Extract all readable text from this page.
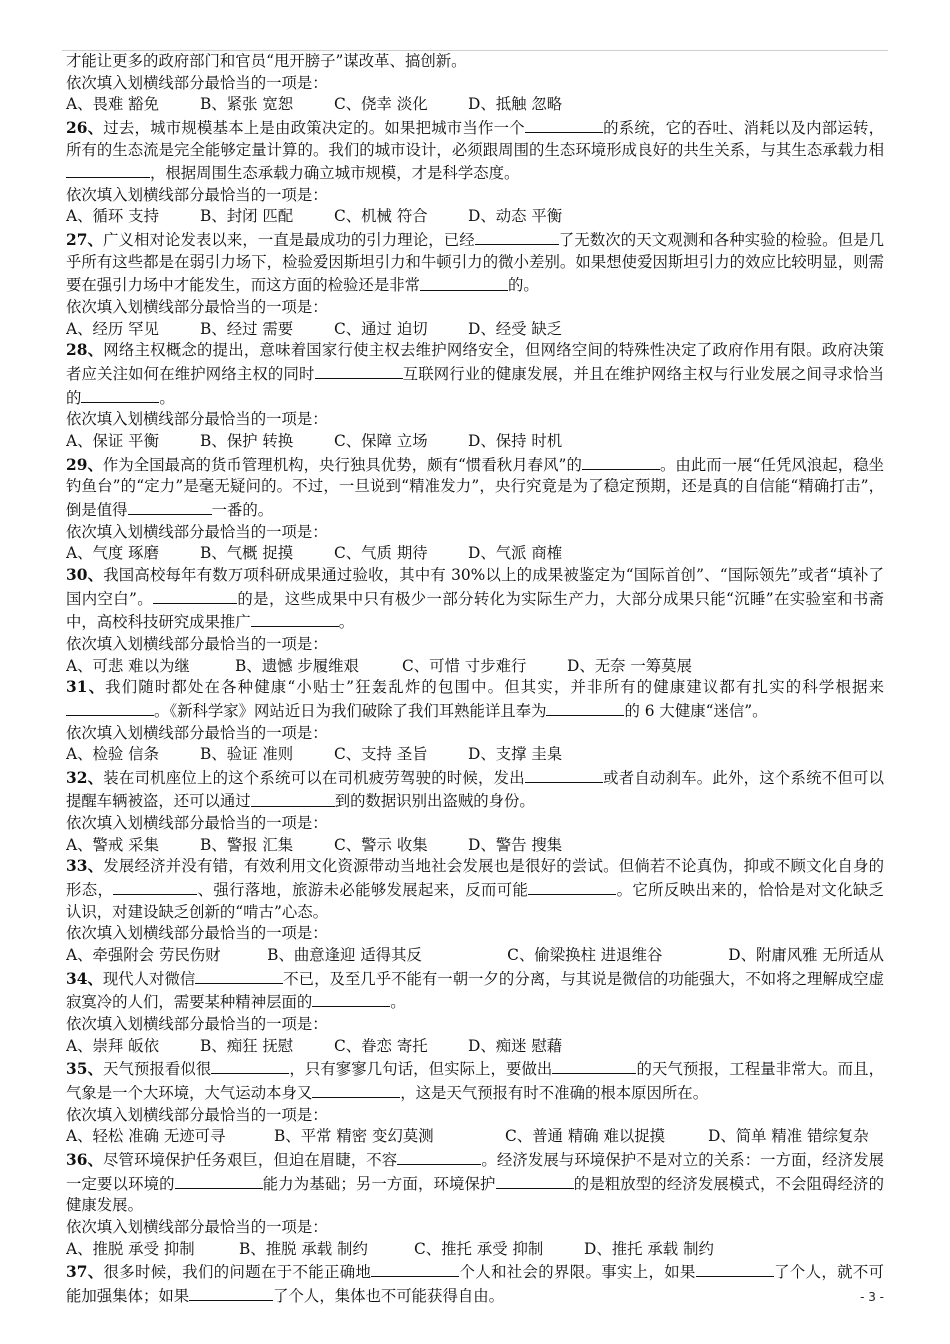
才能让更多的政府部门和官员“甩开膀子”谋改革、搞创新。
依次填入划横线部分最恰当的一项是：
A、畏难 豁免	B、紧张 宽恕	C、侥幸 淡化	D、抵触 忽略
26、过去，城市规模基本上是由政策决定的。如果把城市当作一个	的系统，它的吞吐、消耗以及内部运转，所有的生态流是完全能够定量计算的。我们的城市设计，必须跟周围的生态环境形成良好的共生关系，与其生态承载力相，根据周围生态承载力确立城市规模，才是科学态度。
依次填入划横线部分最恰当的一项是：
A、循环 支持	B、封闭 匹配	C、机械 符合	D、动态 平衡
27、广义相对论发表以来，一直是最成功的引力理论，已经	了无数次的天文观测和各种实验的检验。但是几乎所有这些都是在弱引力场下，检验爱因斯坦引力和牛顿引力的微小差别。如果想使爱因斯坦引力的效应比较明显，则需要在强引力场中才能发生，而这方面的检验还是非常	的。
依次填入划横线部分最恰当的一项是：
A、经历 罕见	B、经过 需要	C、通过 迫切	D、经受 缺乏
28、网络主权概念的提出，意味着国家行使主权去维护网络安全，但网络空间的特殊性决定了政府作用有限。政府决策者应关注如何在维护网络主权的同时	互联网行业的健康发展，并且在维护网络主权与行业发展之间寻求恰当的	。
依次填入划横线部分最恰当的一项是：
A、保证 平衡	B、保护 转换	C、保障 立场	D、保持 时机
29、作为全国最高的货币管理机构，央行独具优势，颇有“惯看秋月春风”的	。由此而一展“任凭风浪起，稳坐钓鱼台”的“定力”是毫无疑问的。不过，一旦说到“精准发力”，央行究竟是为了稳定预期，还是真的自信能“精确打击”，倒是值得	一番的。
依次填入划横线部分最恰当的一项是：
A、气度 琢磨	B、气概 捉摸	C、气质 期待	D、气派 商榷
30、我国高校每年有数万项科研成果通过验收，其中有 30%以上的成果被鉴定为“国际首创”、“国际领先”或者“填补了国内空白”。	的是，这些成果中只有极少一部分转化为实际生产力，大部分成果只能“沉睡”在实验室和书斋中，高校科技研究成果推广	。
依次填入划横线部分最恰当的一项是：
A、可悲 难以为继	B、遗憾 步履维艰	C、可惜 寸步难行	D、无奈 一筹莫展
31、我们随时都处在各种健康“小贴士”狂轰乱炸的包围中。但其实，并非所有的健康建议都有扎实的科学根据来。《新科学家》网站近日为我们破除了我们耳熟能详且奉为	的 6 大健康“迷信”。
依次填入划横线部分最恰当的一项是：
A、检验 信条	B、验证 准则	C、支持 圣旨	D、支撑 圭臬
32、装在司机座位上的这个系统可以在司机疲劳驾驶的时候，发出	或者自动刹车。此外，这个系统不但可以提醒车辆被盗，还可以通过	到的数据识别出盗贼的身份。
依次填入划横线部分最恰当的一项是：
A、警戒 采集	B、警报 汇集	C、警示 收集	D、警告 搜集
33、发展经济并没有错，有效利用文化资源带动当地社会发展也是很好的尝试。但倘若不论真伪，抑或不顾文化自身的形态，	、强行落地，旅游未必能够发展起来，反而可能	。它所反映出来的，恰恰是对文化缺乏认识，对建设缺乏创新的“啃古”心态。
依次填入划横线部分最恰当的一项是：
A、牵强附会 劳民伤财	B、曲意逢迎 适得其反	C、偷梁换柱 进退维谷	D、附庸风雅 无所适从
34、现代人对微信	不已，及至几乎不能有一朝一夕的分离，与其说是微信的功能强大，不如将之理解成空虚寂寞冷的人们，需要某种精神层面的	。
依次填入划横线部分最恰当的一项是：
A、崇拜 皈依	B、痴狂 抚慰	C、眷恋 寄托	D、痴迷 慰藉
35、天气预报看似很	，只有寥寥几句话，但实际上，要做出	的天气预报，工程量非常大。而且，气象是一个大环境，大气运动本身又	，这是天气预报有时不准确的根本原因所在。
依次填入划横线部分最恰当的一项是：
A、轻松 准确 无迹可寻	B、平常 精密 变幻莫测	C、普通 精确 难以捉摸	D、简单 精准 错综复杂
36、尽管环境保护任务艰巨，但迫在眉睫，不容	。经济发展与环境保护不是对立的关系：一方面，经济发展一定要以环境的	能力为基础；另一方面，环境保护	的是粗放型的经济发展模式，不会阻碍经济的健康发展。
依次填入划横线部分最恰当的一项是：
A、推脱 承受 抑制	B、推脱 承载 制约	C、推托 承受 抑制	D、推托 承载 制约
37、很多时候，我们的问题在于不能正确地	个人和社会的界限。事实上，如果	了个人，就不可能加强集体；如果	了个人，集体也不可能获得自由。	- 3 -
